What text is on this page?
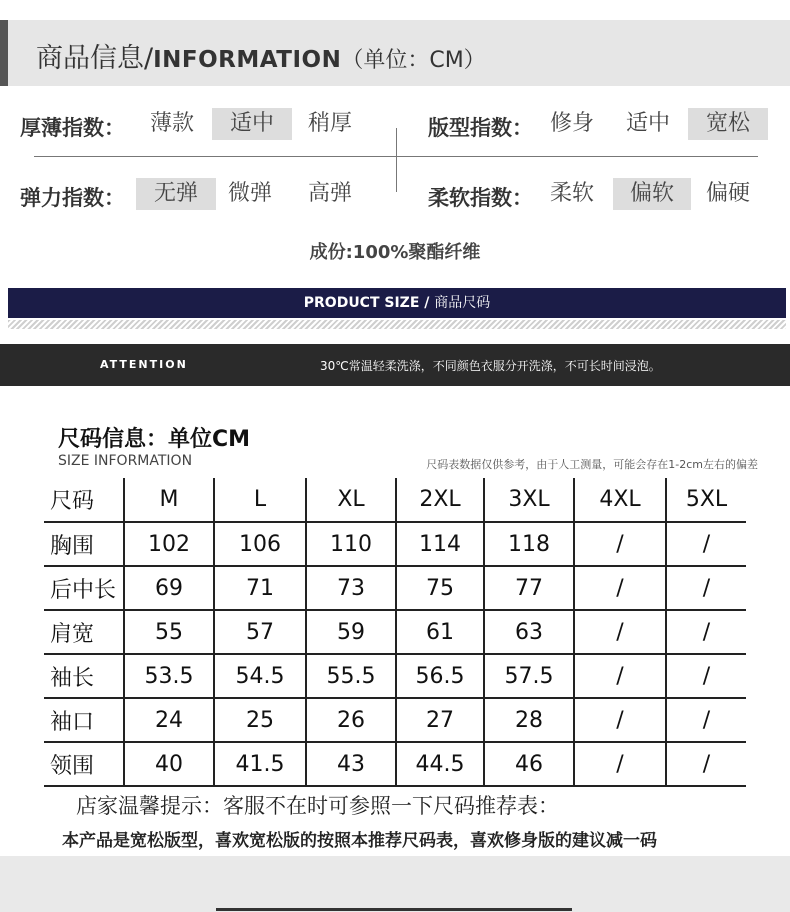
商品信息/INFORMATION（单位：CM）
厚薄指数：	薄款	适中	稍厚	版型指数： 修身	适中	宽松
弹力指数：	无弹	微弹	高弹	柔软指数： 柔软	偏软	偏硬
成份:100%聚酯纤维
PRODUCT SIZE / 商品尺码
ATTENTION	30℃常温轻柔洗涤，不同颜色衣服分开洗涤，不可长时间浸泡。
尺码信息：单位CM
SIZE INFORMATION	尺码表数据仅供参考，由于人工测量，可能会存在1-2cm左右的偏差
尺码	M	L	XL	2XL	3XL	4XL	5XL
胸围	102	106	110	114	118	/	/
后中长	69	71	73	75	77	/	/
肩宽	55	57	59	61	63	/	/
袖长	53.5	54.5	55.5	56.5	57.5	/	/
袖口	24	25	26	27	28	/	/
领围	40	41.5	43	44.5	46	/	/
店家温馨提示：客服不在时可参照一下尺码推荐表：
本产品是宽松版型，喜欢宽松版的按照本推荐尺码表，喜欢修身版的建议减一码
